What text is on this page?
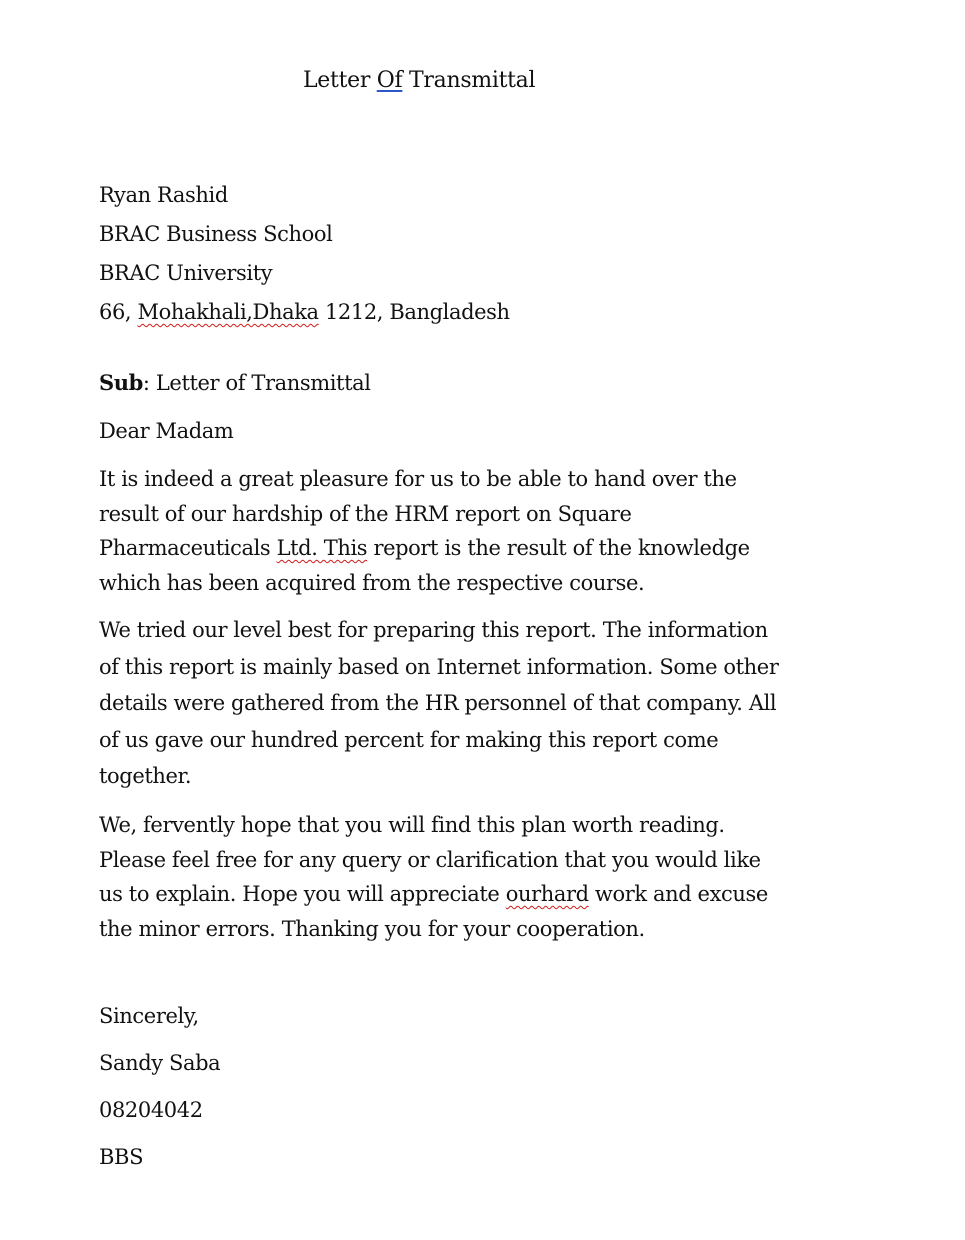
Letter Of Transmittal
Ryan Rashid
BRAC Business School
BRAC University
66, Mohakhali,Dhaka 1212, Bangladesh
Sub: Letter of Transmittal
Dear Madam
It is indeed a great pleasure for us to be able to hand over the result of our hardship of the HRM report on Square Pharmaceuticals Ltd. This report is the result of the knowledge which has been acquired from the respective course.
We tried our level best for preparing this report. The information of this report is mainly based on Internet information. Some other details were gathered from the HR personnel of that company. All of us gave our hundred percent for making this report come together.
We, fervently hope that you will find this plan worth reading. Please feel free for any query or clarification that you would like us to explain. Hope you will appreciate ourhard work and excuse the minor errors. Thanking you for your cooperation.
Sincerely,
Sandy Saba
08204042
BBS
